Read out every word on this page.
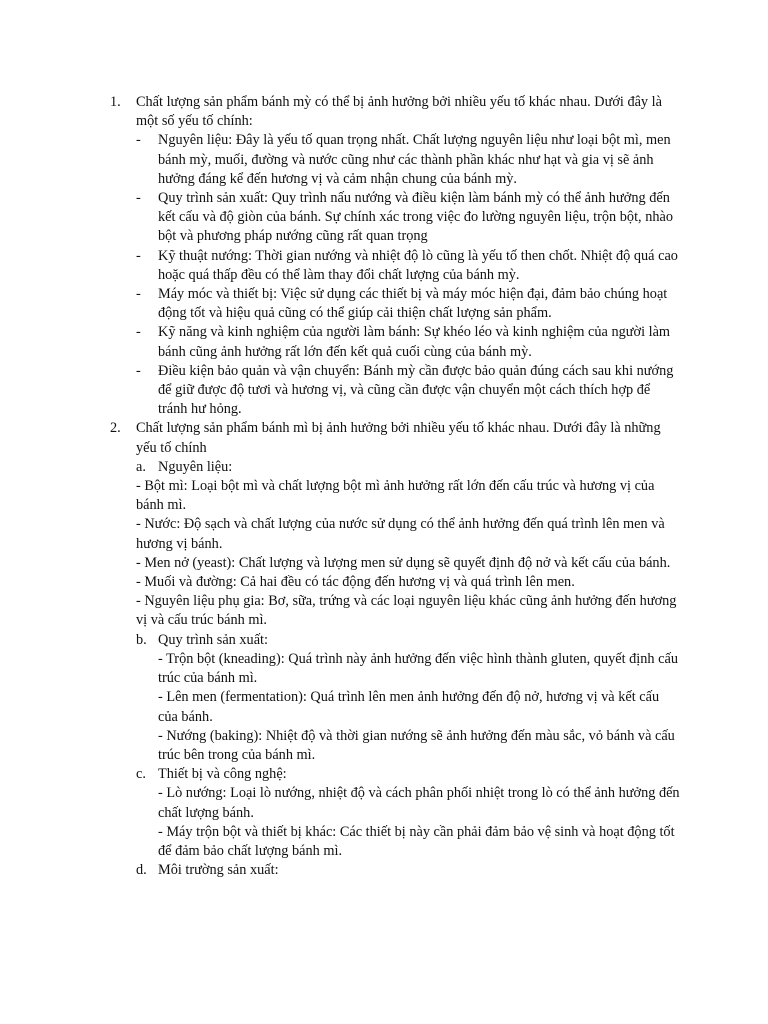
1.	Chất lượng sản phẩm bánh mỳ có thể bị ảnh hưởng bởi nhiều yếu tố khác nhau. Dưới đây là một số yếu tố chính:
- Nguyên liệu: Đây là yếu tố quan trọng nhất. Chất lượng nguyên liệu như loại bột mì, men bánh mỳ, muối, đường và nước cũng như các thành phần khác như hạt và gia vị sẽ ảnh hưởng đáng kể đến hương vị và cảm nhận chung của bánh mỳ.
- Quy trình sản xuất: Quy trình nấu nướng và điều kiện làm bánh mỳ có thể ảnh hưởng đến kết cấu và độ giòn của bánh. Sự chính xác trong việc đo lường nguyên liệu, trộn bột, nhào bột và phương pháp nướng cũng rất quan trọng
- Kỹ thuật nướng: Thời gian nướng và nhiệt độ lò cũng là yếu tố then chốt. Nhiệt độ quá cao hoặc quá thấp đều có thể làm thay đổi chất lượng của bánh mỳ.
- Máy móc và thiết bị: Việc sử dụng các thiết bị và máy móc hiện đại, đảm bảo chúng hoạt động tốt và hiệu quả cũng có thể giúp cải thiện chất lượng sản phẩm.
- Kỹ năng và kinh nghiệm của người làm bánh: Sự khéo léo và kinh nghiệm của người làm bánh cũng ảnh hưởng rất lớn đến kết quả cuối cùng của bánh mỳ.
- Điều kiện bảo quản và vận chuyển: Bánh mỳ cần được bảo quản đúng cách sau khi nướng để giữ được độ tươi và hương vị, và cũng cần được vận chuyển một cách thích hợp để tránh hư hỏng.
2.	Chất lượng sản phẩm bánh mì bị ảnh hưởng bởi nhiều yếu tố khác nhau. Dưới đây là những yếu tố chính
a. Nguyên liệu:
- Bột mì: Loại bột mì và chất lượng bột mì ảnh hưởng rất lớn đến cấu trúc và hương vị của bánh mì.
- Nước: Độ sạch và chất lượng của nước sử dụng có thể ảnh hưởng đến quá trình lên men và hương vị bánh.
- Men nở (yeast): Chất lượng và lượng men sử dụng sẽ quyết định độ nở và kết cấu của bánh.
- Muối và đường: Cả hai đều có tác động đến hương vị và quá trình lên men.
- Nguyên liệu phụ gia: Bơ, sữa, trứng và các loại nguyên liệu khác cũng ảnh hưởng đến hương vị và cấu trúc bánh mì.
b. Quy trình sản xuất:
- Trộn bột (kneading): Quá trình này ảnh hưởng đến việc hình thành gluten, quyết định cấu trúc của bánh mì.
- Lên men (fermentation): Quá trình lên men ảnh hưởng đến độ nở, hương vị và kết cấu của bánh.
- Nướng (baking): Nhiệt độ và thời gian nướng sẽ ảnh hưởng đến màu sắc, vỏ bánh và cấu trúc bên trong của bánh mì.
c. Thiết bị và công nghệ:
- Lò nướng: Loại lò nướng, nhiệt độ và cách phân phối nhiệt trong lò có thể ảnh hưởng đến chất lượng bánh.
- Máy trộn bột và thiết bị khác: Các thiết bị này cần phải đảm bảo vệ sinh và hoạt động tốt để đảm bảo chất lượng bánh mì.
d. Môi trường sản xuất:
